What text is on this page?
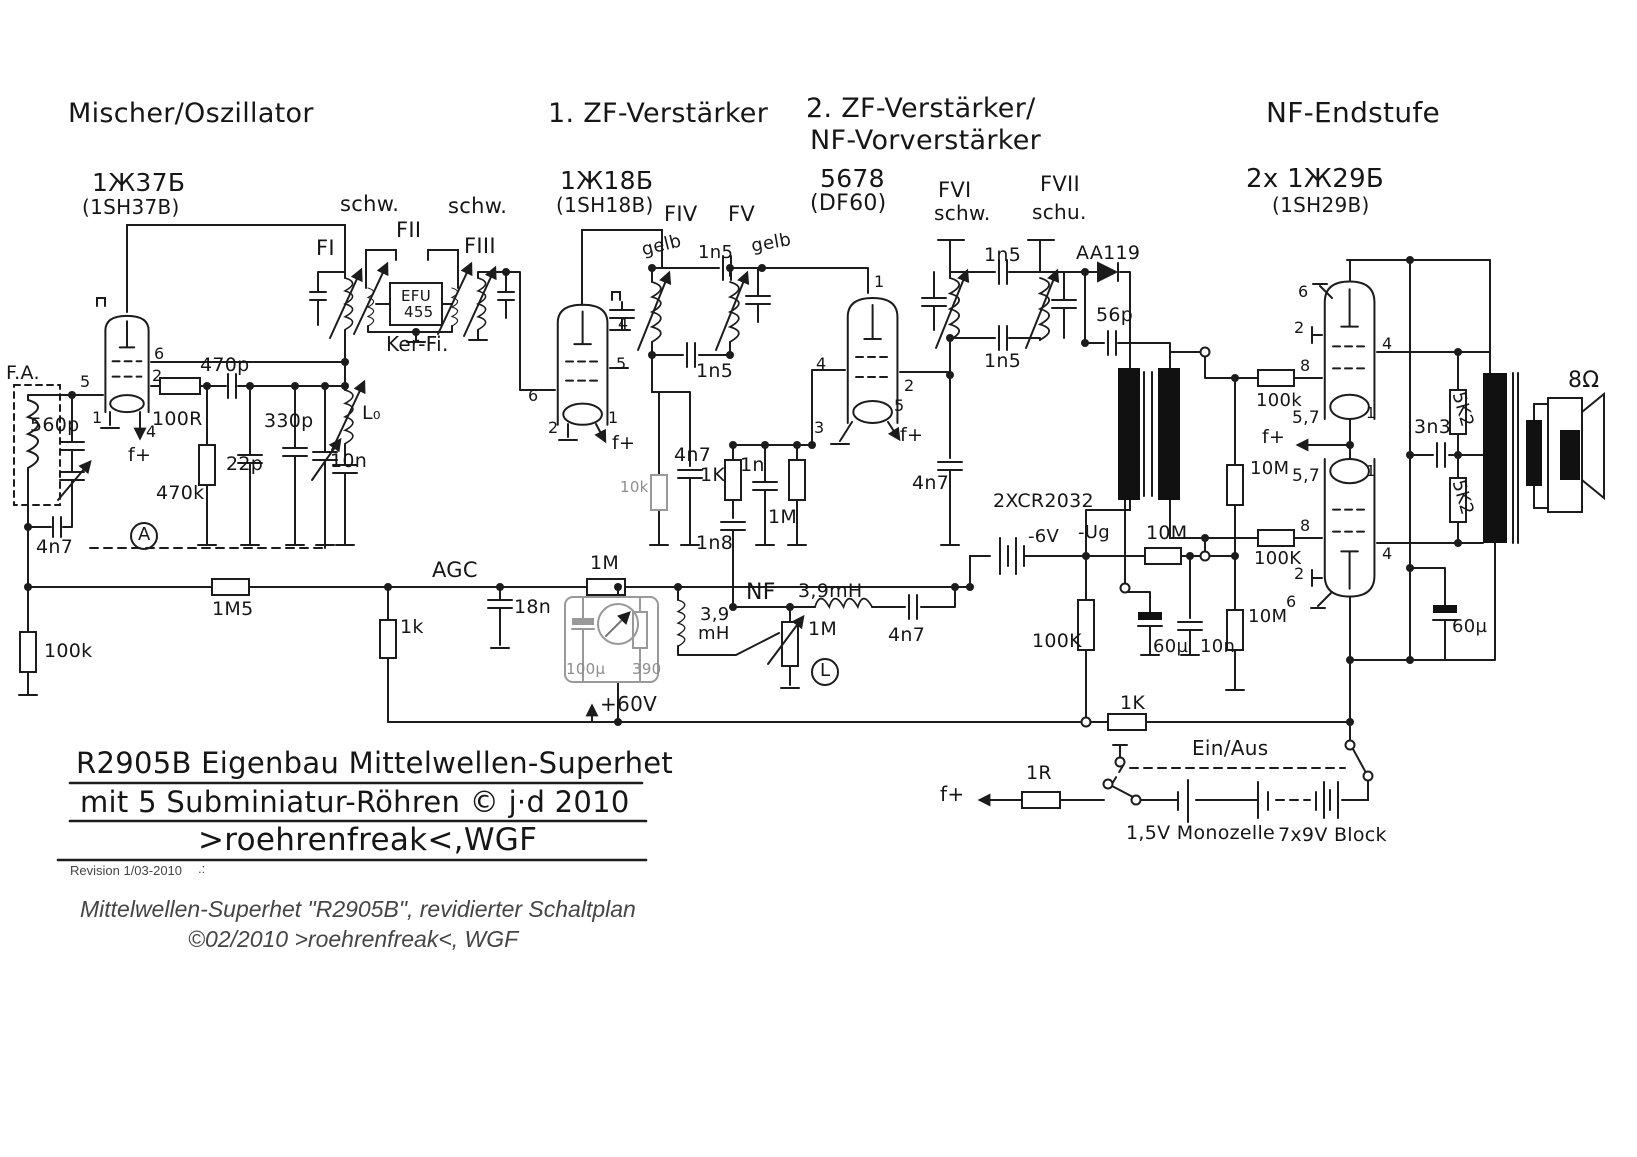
Mischer/Oszillator	1. ZF-Verstärker 2. ZF-Verstärker/
NF-Vorverstärker
NF-Endstufe
1Ж37Б
(1SH37B)
1Ж18Б
(1SH18B)
5678
(DF60)
2x 1Ж29Б
(1SH29B)
schw. schw.
FI
FII
FIII
EFU
455
Ker-Fi.
FIV FV
gelb 1n5 gelb
1n5
FVI
schw.
FVII
schu.
1n5	AA119
56p
1n5
F.A.
560p
4n7
100k
1M5
AGC
470p
100R
470k
22p
330p	L₀
10n
5
6
2
1
4
f+
6
2
1
f+
4
5
10k
4n7
1K 1n
1M
1n8
1M
18n
1k
100µ 390
3,9
mH
NF 3,9mH
1M	4n7
+60V
4n7
1
4
2
3
5
f+
2XCR2032
-6V -Ug 10M
100K	60µ 10n
10M
10M
100k
100K
6
2
8
4
5,7
f+
5,7
1
1
8
4
2
6
3n3
5K2
5K2
8Ω
60µ
1K
Ein/Aus
1R
f+
1,5V Monozelle 7x9V Block
A
L
R2905B Eigenbau Mittelwellen-Superhet
mit 5 Subminiatur-Röhren © j·d 2010
>roehrenfreak<,WGF
Revision 1/03-2010 .:
Mittelwellen-Superhet "R2905B", revidierter Schaltplan
©02/2010 >roehrenfreak<, WGF
